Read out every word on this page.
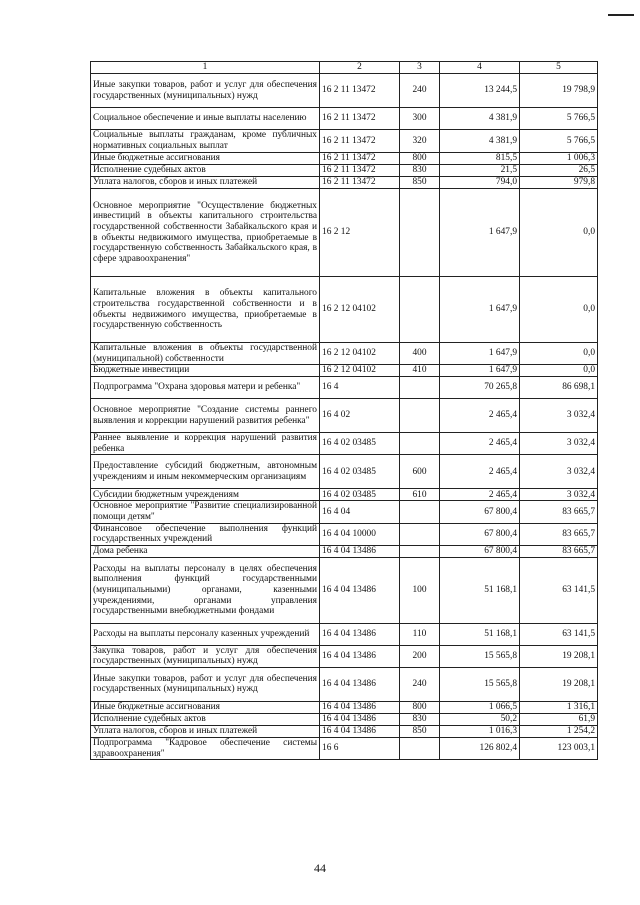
1	2	3	4	5
Иные закупки товаров, работ и услуг для обеспечения государственных (муниципальных) нужд	16 2 11 13472	240	13 244,5	19 798,9
Социальное обеспечение и иные выплаты населению	16 2 11 13472	300	4 381,9	5 766,5
Социальные выплаты гражданам, кроме публичных нормативных социальных выплат	16 2 11 13472	320	4 381,9	5 766,5
Иные бюджетные ассигнования	16 2 11 13472	800	815,5	1 006,3
Исполнение судебных актов	16 2 11 13472	830	21,5	26,5
Уплата налогов, сборов и иных платежей	16 2 11 13472	850	794,0	979,8
Основное мероприятие "Осуществление бюджетных инвестиций в объекты капитального строительства государственной собственности Забайкальского края и в объекты недвижимого имущества, приобретаемые в государственную собственность Забайкальского края, в сфере здравоохранения"	16 2 12		1 647,9	0,0
Капитальные вложения в объекты капитального строительства государственной собственности и в объекты недвижимого имущества, приобретаемые в государственную собственность	16 2 12 04102		1 647,9	0,0
Капитальные вложения в объекты государственной (муниципальной) собственности	16 2 12 04102	400	1 647,9	0,0
Бюджетные инвестиции	16 2 12 04102	410	1 647,9	0,0
Подпрограмма "Охрана здоровья матери и ребенка"	16 4		70 265,8	86 698,1
Основное мероприятие "Создание системы раннего выявления и коррекции нарушений развития ребенка"	16 4 02		2 465,4	3 032,4
Раннее выявление и коррекция нарушений развития ребенка	16 4 02 03485		2 465,4	3 032,4
Предоставление субсидий бюджетным, автономным учреждениям и иным некоммерческим организациям	16 4 02 03485	600	2 465,4	3 032,4
Субсидии бюджетным учреждениям	16 4 02 03485	610	2 465,4	3 032,4
Основное мероприятие "Развитие специализированной помощи детям"	16 4 04		67 800,4	83 665,7
Финансовое обеспечение выполнения функций государственных учреждений	16 4 04 10000		67 800,4	83 665,7
Дома ребенка	16 4 04 13486		67 800,4	83 665,7
Расходы на выплаты персоналу в целях обеспечения выполнения функций государственными (муниципальными) органами, казенными учреждениями, органами управления государственными внебюджетными фондами	16 4 04 13486	100	51 168,1	63 141,5
Расходы на выплаты персоналу казенных учреждений	16 4 04 13486	110	51 168,1	63 141,5
Закупка товаров, работ и услуг для обеспечения государственных (муниципальных) нужд	16 4 04 13486	200	15 565,8	19 208,1
Иные закупки товаров, работ и услуг для обеспечения государственных (муниципальных) нужд	16 4 04 13486	240	15 565,8	19 208,1
Иные бюджетные ассигнования	16 4 04 13486	800	1 066,5	1 316,1
Исполнение судебных актов	16 4 04 13486	830	50,2	61,9
Уплата налогов, сборов и иных платежей	16 4 04 13486	850	1 016,3	1 254,2
Подпрограмма "Кадровое обеспечение системы здравоохранения"	16 6		126 802,4	123 003,1
44
